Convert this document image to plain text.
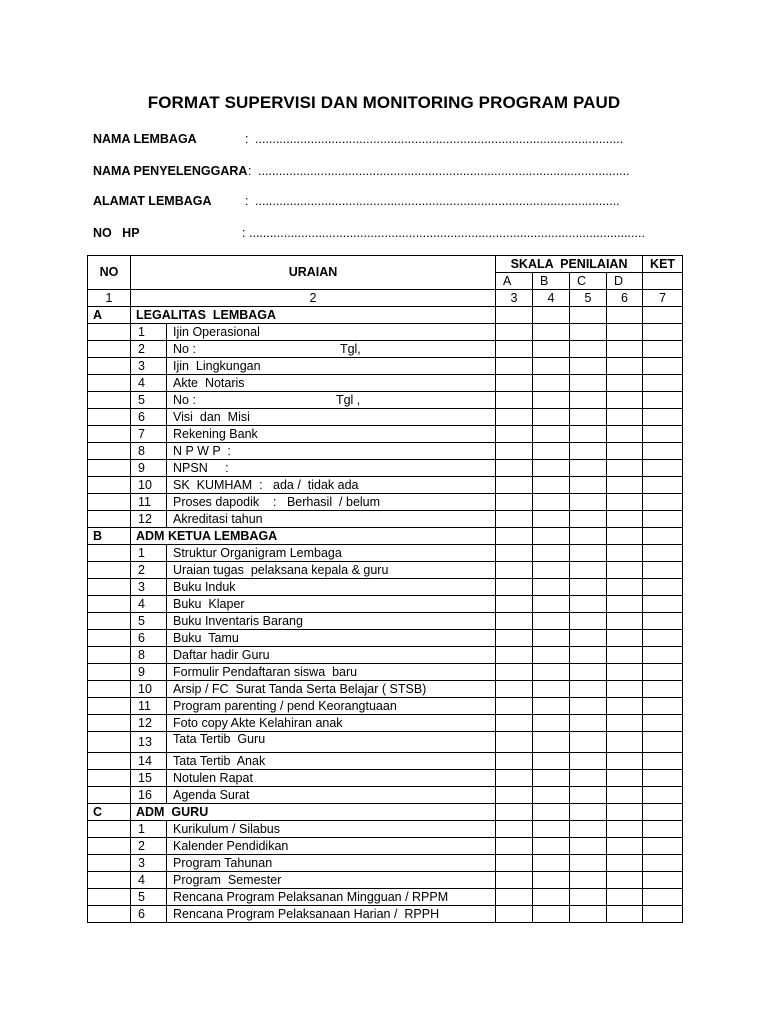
FORMAT SUPERVISI DAN MONITORING PROGRAM PAUD
NAMA LEMBAGA	: ..........................................................................................................
NAMA PENYELENGGARA : ...........................................................................................................
ALAMAT LEMBAGA	: .........................................................................................................
NO   HP	: ..................................................................................................................
NO	URAIAN		SKALA  PENILAIAN				KET
			A	B	C	D	
1	2		3	4	5	6	7
A	LEGALITAS  LEMBAGA						
	1	Ijin Operasional					
	2	No : Tgl,					
	3	Ijin  Lingkungan					
	4	Akte  Notaris					
	5	No : Tgl ,					
	6	Visi  dan  Misi					
	7	Rekening Bank					
	8	N P W P  :					
	9	NPSN     :					
	10	SK  KUMHAM  :   ada /  tidak ada					
	11	Proses dapodik    :   Berhasil  / belum					
	12	Akreditasi tahun					
B	ADM KETUA LEMBAGA						
	1	Struktur Organigram Lembaga					
	2	Uraian tugas  pelaksana kepala & guru					
	3	Buku Induk					
	4	Buku  Klaper					
	5	Buku Inventaris Barang					
	6	Buku  Tamu					
	8	Daftar hadir Guru					
	9	Formulir Pendaftaran siswa  baru					
	10	Arsip / FC  Surat Tanda Serta Belajar ( STSB)					
	11	Program parenting / pend Keorangtuaan					
	12	Foto copy Akte Kelahiran anak					
	13	Tata Tertib  Guru					
	14	Tata Tertib  Anak					
	15	Notulen Rapat					
	16	Agenda Surat					
C	ADM  GURU						
	1	Kurikulum / Silabus					
	2	Kalender Pendidikan					
	3	Program Tahunan					
	4	Program  Semester					
	5	Rencana Program Pelaksanan Mingguan / RPPM					
	6	Rencana Program Pelaksanaan Harian /  RPPH					
